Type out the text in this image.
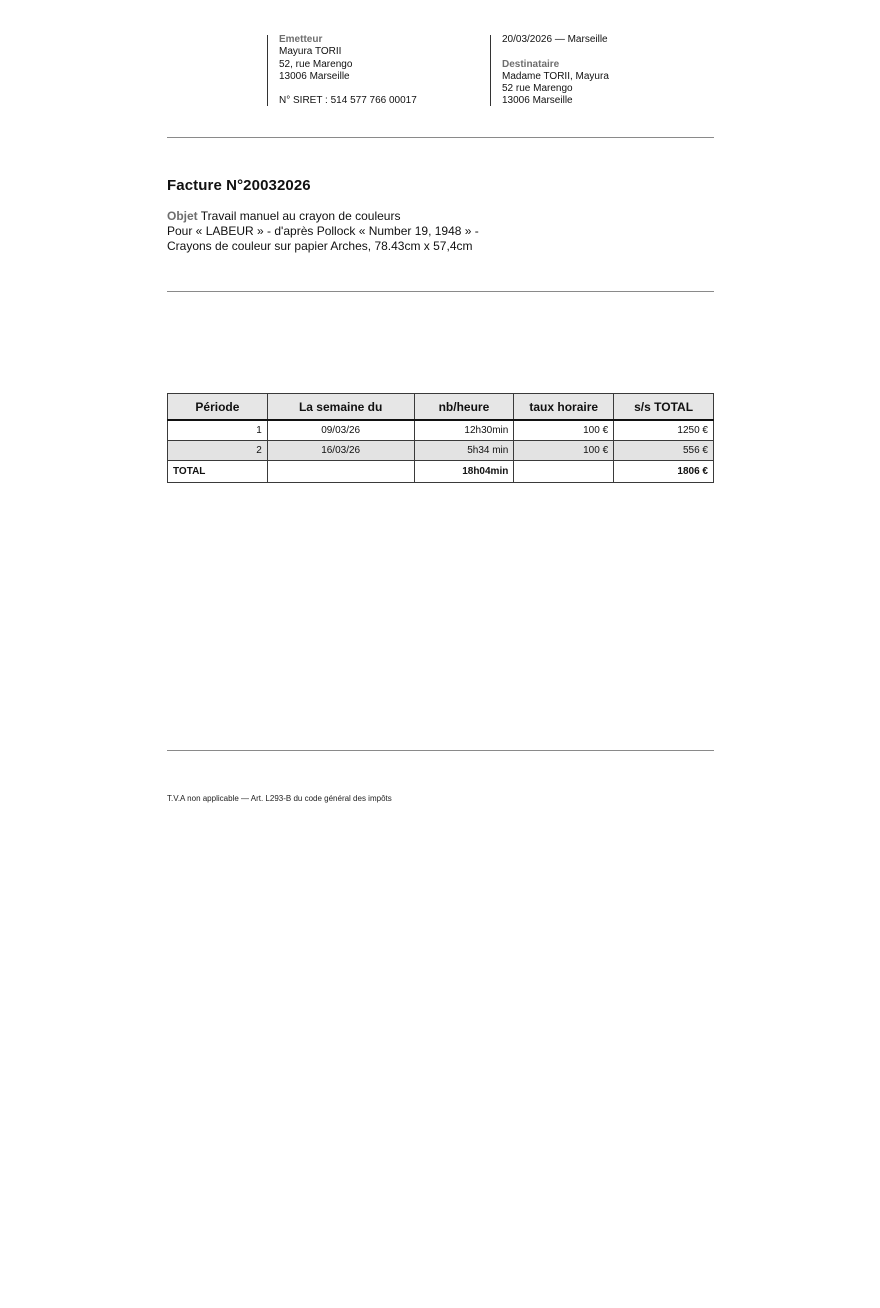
Emetteur
Mayura TORII
52, rue Marengo
13006 Marseille
N° SIRET : 514 577 766 00017
20/03/2026 — Marseille
Destinataire
Madame TORII, Mayura
52 rue Marengo
13006 Marseille
Facture N°20032026
Objet Travail manuel au crayon de couleurs
Pour « LABEUR » - d'après Pollock « Number 19, 1948 » -
Crayons de couleur sur papier Arches, 78.43cm x 57,4cm
Période	La semaine du	nb/heure	taux horaire	s/s TOTAL
1	09/03/26	12h30min	100 €	1250 €
2	16/03/26	5h34 min	100 €	556 €
TOTAL		18h04min		1806 €
T.V.A non applicable — Art. L293-B du code général des impôts
